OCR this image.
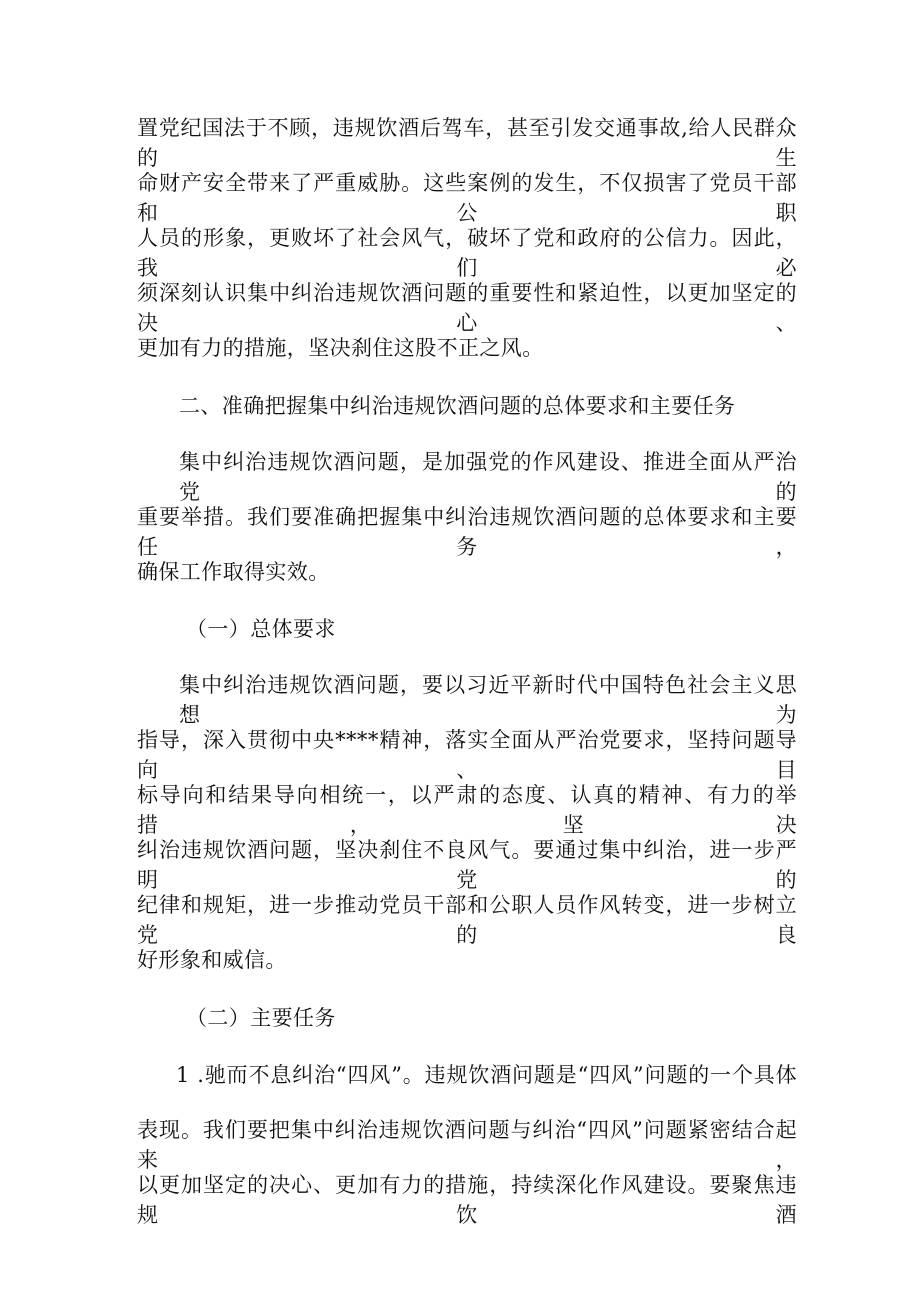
置党纪国法于不顾，违规饮酒后驾车，甚至引发交通事故,给人民群众的生
命财产安全带来了严重威胁。这些案例的发生，不仅损害了党员干部和公职
人员的形象，更败坏了社会风气，破坏了党和政府的公信力。因此，我们必
须深刻认识集中纠治违规饮酒问题的重要性和紧迫性，以更加坚定的决心、
更加有力的措施，坚决刹住这股不正之风。
二、准确把握集中纠治违规饮酒问题的总体要求和主要任务
集中纠治违规饮酒问题，是加强党的作风建设、推进全面从严治党的
重要举措。我们要准确把握集中纠治违规饮酒问题的总体要求和主要任务，
确保工作取得实效。
（一）总体要求
集中纠治违规饮酒问题，要以习近平新时代中国特色社会主义思想为
指导，深入贯彻中央****精神，落实全面从严治党要求，坚持问题导向、目
标导向和结果导向相统一，以严肃的态度、认真的精神、有力的举措，坚决
纠治违规饮酒问题，坚决刹住不良风气。要通过集中纠治，进一步严明党的
纪律和规矩，进一步推动党员干部和公职人员作风转变，进一步树立党的良
好形象和威信。
（二）主要任务
1 .驰而不息纠治“四风”。违规饮酒问题是“四风”问题的一个具体
表现。我们要把集中纠治违规饮酒问题与纠治“四风”问题紧密结合起来，
以更加坚定的决心、更加有力的措施，持续深化作风建设。要聚焦违规饮酒
